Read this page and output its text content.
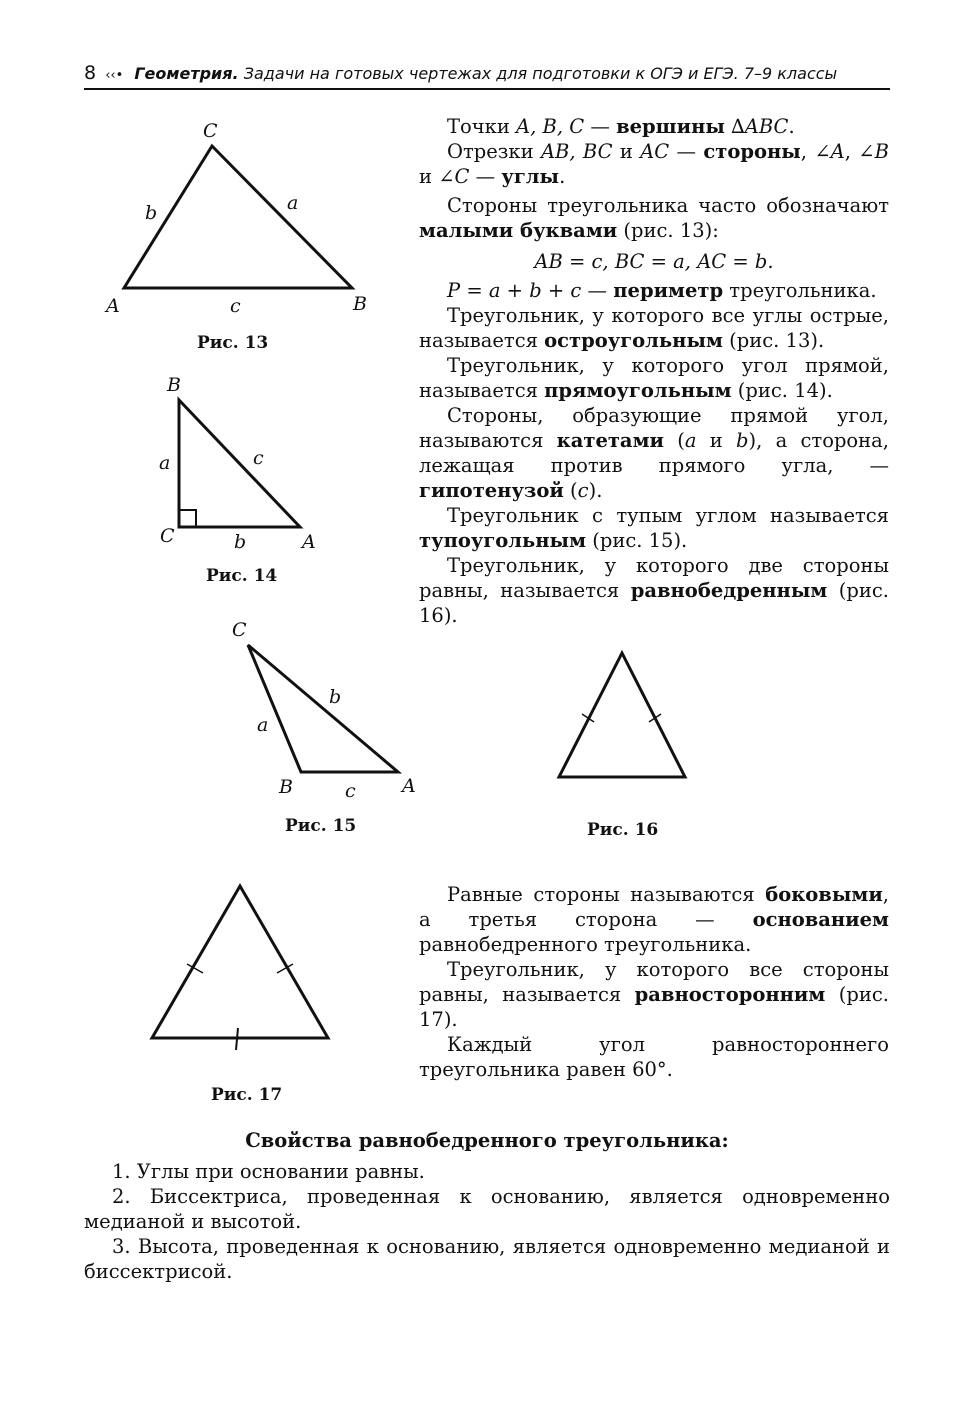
8 ‹‹• Геометрия. Задачи на готовых чертежах для подготовки к ОГЭ и ЕГЭ. 7–9 классы
C
A	B
b	a
c
B
C	A
a
b
c
C
B	A
a
b
c
Рис. 13
Рис. 14
Рис. 15	Рис. 16
Рис. 17

Точки A, B, C — вершины ∆ABC.

Отрезки AB, BC и AC — стороны, ∠A, ∠B и ∠C — углы.

Стороны треугольника часто обозначают малыми буквами (рис. 13):

AB = c, BC = a, AC = b.

P = a + b + c — периметр треугольника.

Треугольник, у которого все углы острые, называется остроугольным (рис. 13).

Треугольник, у которого угол прямой, называется прямоугольным (рис. 14).

Стороны, образующие прямой угол, называются катетами (a и b), а сторона, лежащая против прямого угла, — гипотенузой (c).

Треугольник с тупым углом называется тупоугольным (рис. 15).

Треугольник, у которого две стороны равны, называется равнобедренным (рис. 16).

Равные стороны называются боковыми, а третья сторона — основанием равнобедренного треугольника.

Треугольник, у которого все стороны равны, называется равносторонним (рис. 17).

Каждый угол равностороннего треугольника равен 60°.

Свойства равнобедренного треугольника:

1. Углы при основании равны.

2. Биссектриса, проведенная к основанию, является одновременно медианой и высотой.

3. Высота, проведенная к основанию, является одновременно медианой и биссектрисой.
